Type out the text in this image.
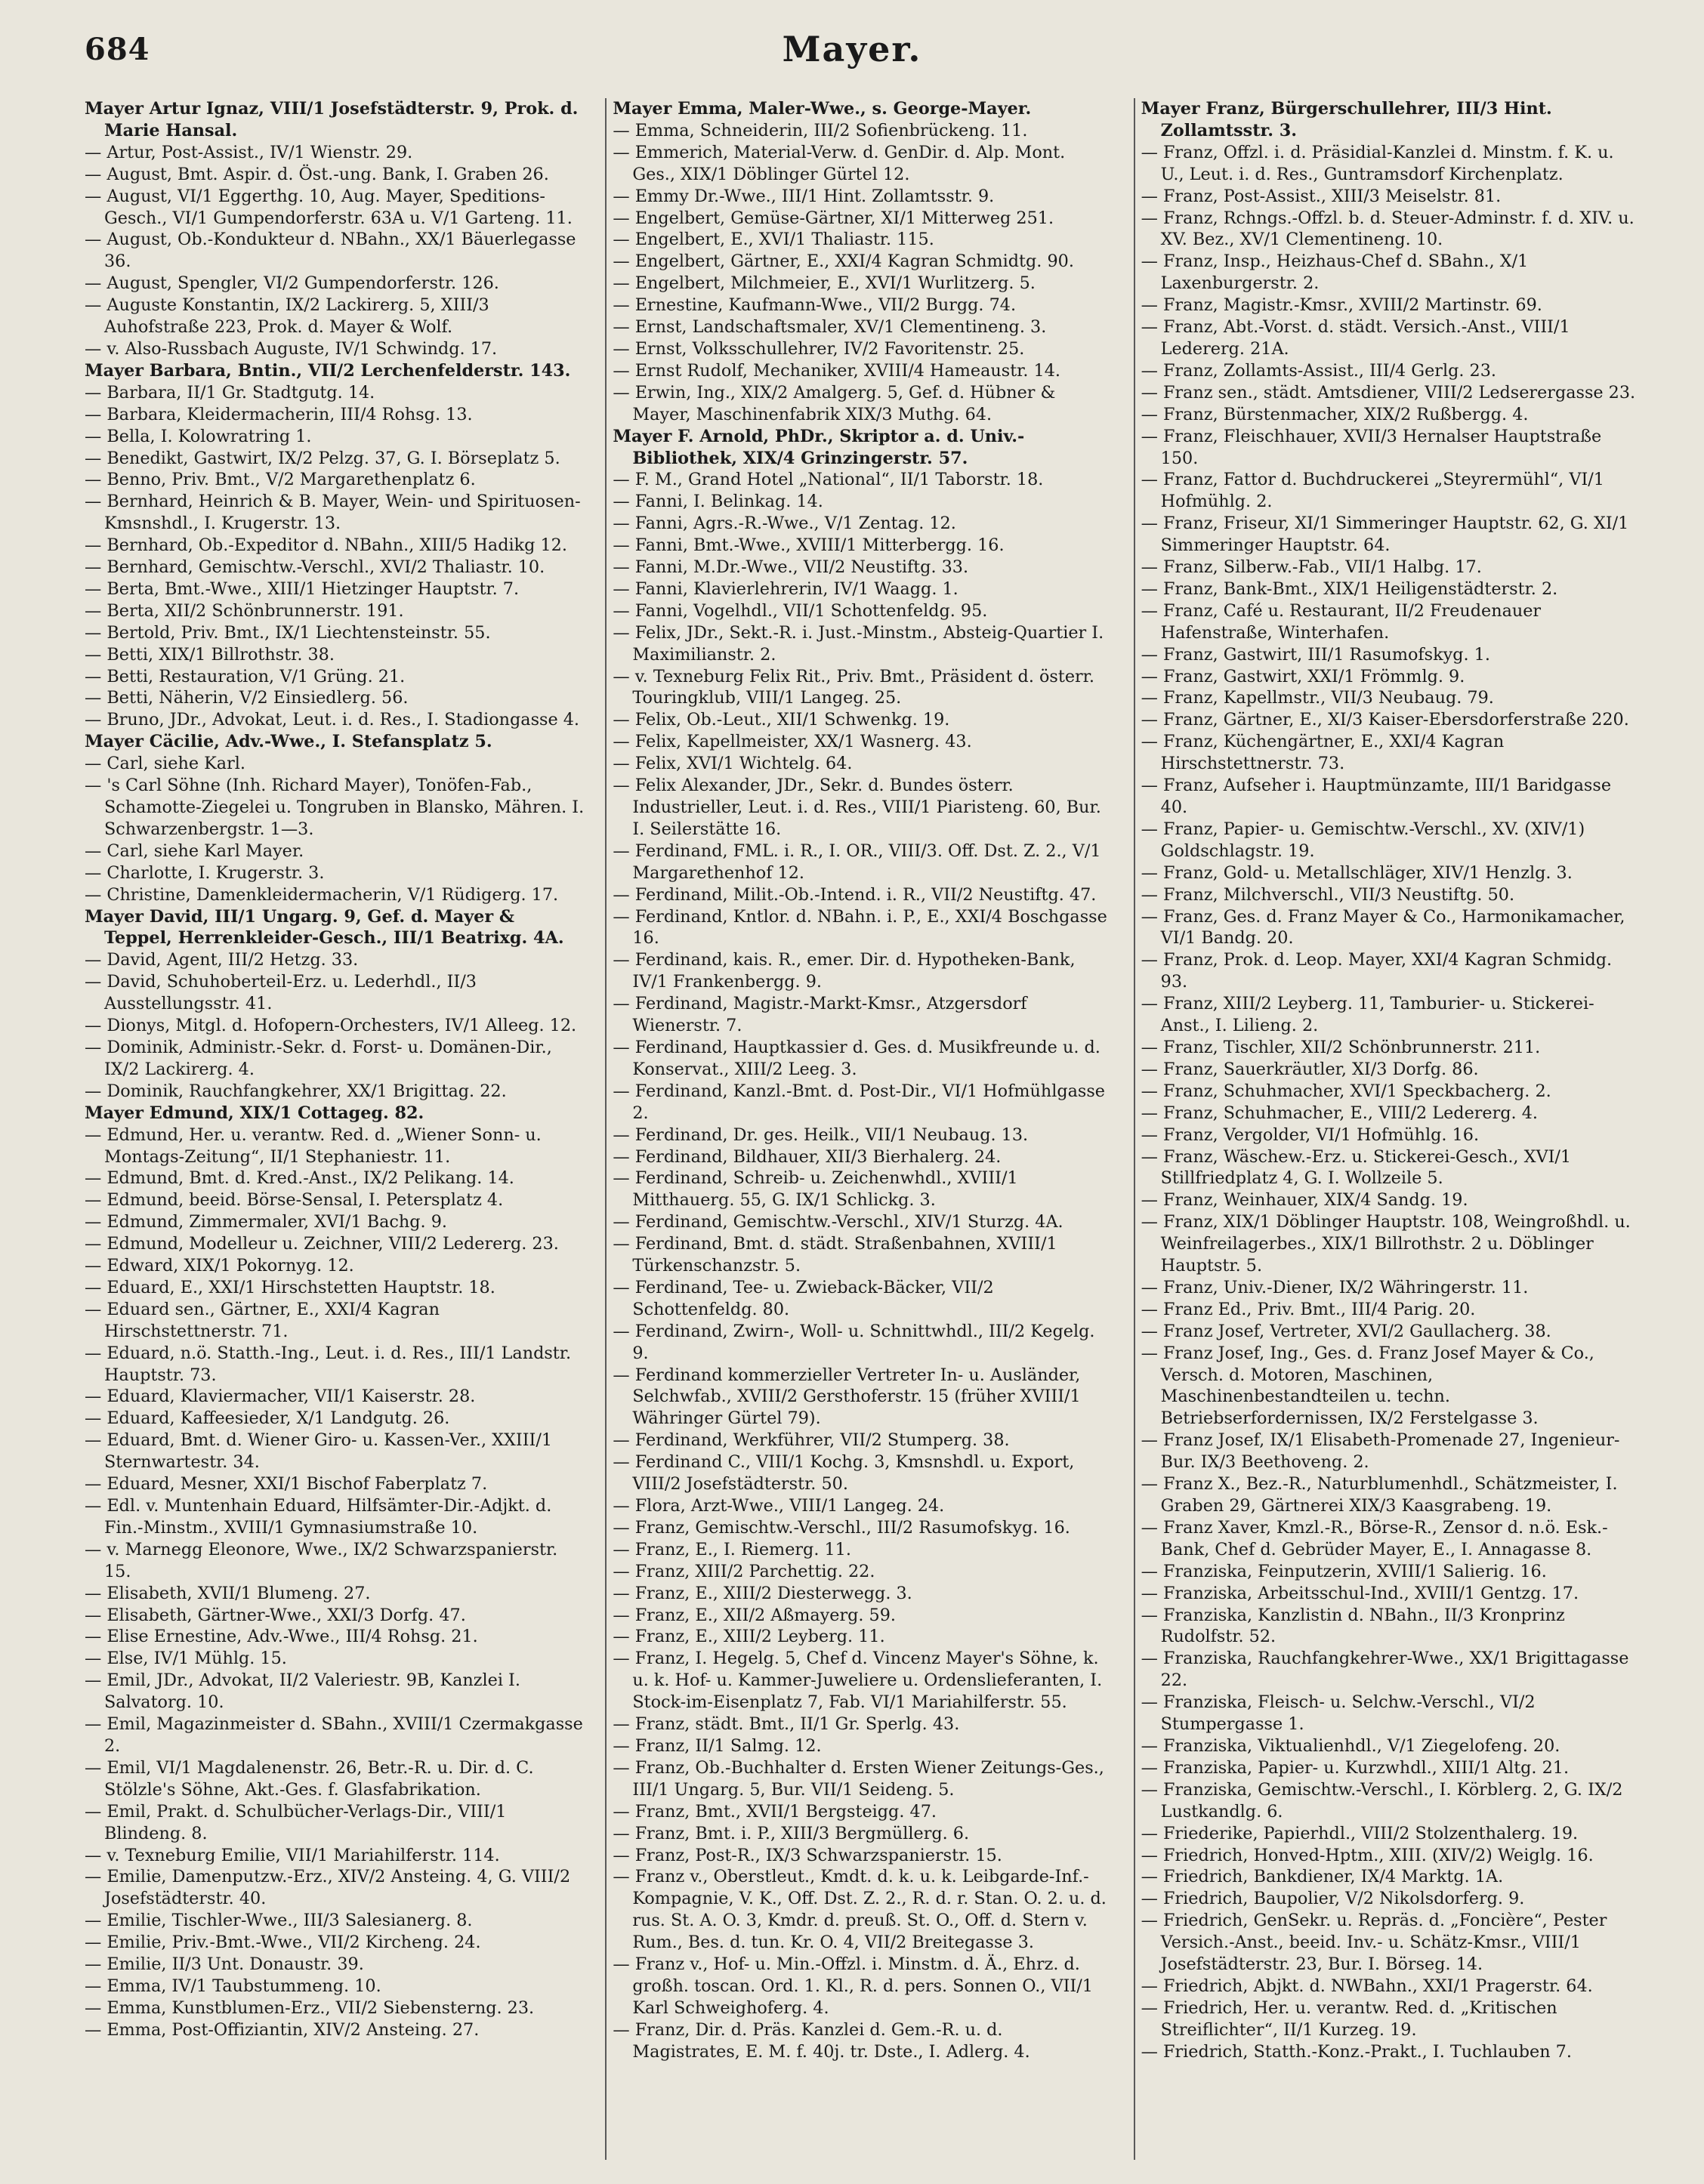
684	Mayer.

Mayer Artur Ignaz, VIII/1 Josefstädterstr. 9, Prok. d. Marie Hansal.

— Artur, Post-Assist., IV/1 Wienstr. 29.

— August, Bmt. Aspir. d. Öst.-ung. Bank, I. Graben 26.

— August, VI/1 Eggerthg. 10, Aug. Mayer, Speditions-Gesch., VI/1 Gumpendorferstr. 63A u. V/1 Garteng. 11.

— August, Ob.-Kondukteur d. NBahn., XX/1 Bäuerlegasse 36.

— August, Spengler, VI/2 Gumpendorferstr. 126.

— Auguste Konstantin, IX/2 Lackirerg. 5, XIII/3 Auhofstraße 223, Prok. d. Mayer & Wolf.

— v. Also-Russbach Auguste, IV/1 Schwindg. 17.

Mayer Barbara, Bntin., VII/2 Lerchenfelderstr. 143.

— Barbara, II/1 Gr. Stadtgutg. 14.

— Barbara, Kleidermacherin, III/4 Rohsg. 13.

— Bella, I. Kolowratring 1.

— Benedikt, Gastwirt, IX/2 Pelzg. 37, G. I. Börseplatz 5.

— Benno, Priv. Bmt., V/2 Margarethenplatz 6.

— Bernhard, Heinrich & B. Mayer, Wein- und Spirituosen-Kmsnshdl., I. Krugerstr. 13.

— Bernhard, Ob.-Expeditor d. NBahn., XIII/5 Hadikg 12.

— Bernhard, Gemischtw.-Verschl., XVI/2 Thaliastr. 10.

— Berta, Bmt.-Wwe., XIII/1 Hietzinger Hauptstr. 7.

— Berta, XII/2 Schönbrunnerstr. 191.

— Bertold, Priv. Bmt., IX/1 Liechtensteinstr. 55.

— Betti, XIX/1 Billrothstr. 38.

— Betti, Restauration, V/1 Grüng. 21.

— Betti, Näherin, V/2 Einsiedlerg. 56.

— Bruno, JDr., Advokat, Leut. i. d. Res., I. Stadiongasse 4.

Mayer Cäcilie, Adv.-Wwe., I. Stefansplatz 5.

— Carl, siehe Karl.

— 's Carl Söhne (Inh. Richard Mayer), Tonöfen-Fab., Schamotte-Ziegelei u. Tongruben in Blansko, Mähren. I. Schwarzenbergstr. 1—3.

— Carl, siehe Karl Mayer.

— Charlotte, I. Krugerstr. 3.

— Christine, Damenkleidermacherin, V/1 Rüdigerg. 17.

Mayer David, III/1 Ungarg. 9, Gef. d. Mayer & Teppel, Herrenkleider-Gesch., III/1 Beatrixg. 4A.

— David, Agent, III/2 Hetzg. 33.

— David, Schuhoberteil-Erz. u. Lederhdl., II/3 Ausstellungsstr. 41.

— Dionys, Mitgl. d. Hofopern-Orchesters, IV/1 Alleeg. 12.

— Dominik, Administr.-Sekr. d. Forst- u. Domänen-Dir., IX/2 Lackirerg. 4.

— Dominik, Rauchfangkehrer, XX/1 Brigittag. 22.

Mayer Edmund, XIX/1 Cottageg. 82.

— Edmund, Her. u. verantw. Red. d. „Wiener Sonn- u. Montags-Zeitung“, II/1 Stephaniestr. 11.

— Edmund, Bmt. d. Kred.-Anst., IX/2 Pelikang. 14.

— Edmund, beeid. Börse-Sensal, I. Petersplatz 4.

— Edmund, Zimmermaler, XVI/1 Bachg. 9.

— Edmund, Modelleur u. Zeichner, VIII/2 Ledererg. 23.

— Edward, XIX/1 Pokornyg. 12.

— Eduard, E., XXI/1 Hirschstetten Hauptstr. 18.

— Eduard sen., Gärtner, E., XXI/4 Kagran Hirschstettnerstr. 71.

— Eduard, n.ö. Statth.-Ing., Leut. i. d. Res., III/1 Landstr. Hauptstr. 73.

— Eduard, Klaviermacher, VII/1 Kaiserstr. 28.

— Eduard, Kaffeesieder, X/1 Landgutg. 26.

— Eduard, Bmt. d. Wiener Giro- u. Kassen-Ver., XXIII/1 Sternwartestr. 34.

— Eduard, Mesner, XXI/1 Bischof Faberplatz 7.

— Edl. v. Muntenhain Eduard, Hilfsämter-Dir.-Adjkt. d. Fin.-Minstm., XVIII/1 Gymnasiumstraße 10.

— v. Marnegg Eleonore, Wwe., IX/2 Schwarzspanierstr. 15.

— Elisabeth, XVII/1 Blumeng. 27.

— Elisabeth, Gärtner-Wwe., XXI/3 Dorfg. 47.

— Elise Ernestine, Adv.-Wwe., III/4 Rohsg. 21.

— Else, IV/1 Mühlg. 15.

— Emil, JDr., Advokat, II/2 Valeriestr. 9B, Kanzlei I. Salvatorg. 10.

— Emil, Magazinmeister d. SBahn., XVIII/1 Czermakgasse 2.

— Emil, VI/1 Magdalenenstr. 26, Betr.-R. u. Dir. d. C. Stölzle's Söhne, Akt.-Ges. f. Glasfabrikation.

— Emil, Prakt. d. Schulbücher-Verlags-Dir., VIII/1 Blindeng. 8.

— v. Texneburg Emilie, VII/1 Mariahilferstr. 114.

— Emilie, Damenputzw.-Erz., XIV/2 Ansteing. 4, G. VIII/2 Josefstädterstr. 40.

— Emilie, Tischler-Wwe., III/3 Salesianerg. 8.

— Emilie, Priv.-Bmt.-Wwe., VII/2 Kircheng. 24.

— Emilie, II/3 Unt. Donaustr. 39.

— Emma, IV/1 Taubstummeng. 10.

— Emma, Kunstblumen-Erz., VII/2 Siebensterng. 23.

— Emma, Post-Offiziantin, XIV/2 Ansteing. 27.

Mayer Emma, Maler-Wwe., s. George-Mayer.

— Emma, Schneiderin, III/2 Sofienbrückeng. 11.

— Emmerich, Material-Verw. d. GenDir. d. Alp. Mont. Ges., XIX/1 Döblinger Gürtel 12.

— Emmy Dr.-Wwe., III/1 Hint. Zollamtsstr. 9.

— Engelbert, Gemüse-Gärtner, XI/1 Mitterweg 251.

— Engelbert, E., XVI/1 Thaliastr. 115.

— Engelbert, Gärtner, E., XXI/4 Kagran Schmidtg. 90.

— Engelbert, Milchmeier, E., XVI/1 Wurlitzerg. 5.

— Ernestine, Kaufmann-Wwe., VII/2 Burgg. 74.

— Ernst, Landschaftsmaler, XV/1 Clementineng. 3.

— Ernst, Volksschullehrer, IV/2 Favoritenstr. 25.

— Ernst Rudolf, Mechaniker, XVIII/4 Hameaustr. 14.

— Erwin, Ing., XIX/2 Amalgerg. 5, Gef. d. Hübner & Mayer, Maschinenfabrik XIX/3 Muthg. 64.

Mayer F. Arnold, PhDr., Skriptor a. d. Univ.-Bibliothek, XIX/4 Grinzingerstr. 57.

— F. M., Grand Hotel „National“, II/1 Taborstr. 18.

— Fanni, I. Belinkag. 14.

— Fanni, Agrs.-R.-Wwe., V/1 Zentag. 12.

— Fanni, Bmt.-Wwe., XVIII/1 Mitterbergg. 16.

— Fanni, M.Dr.-Wwe., VII/2 Neustiftg. 33.

— Fanni, Klavierlehrerin, IV/1 Waagg. 1.

— Fanni, Vogelhdl., VII/1 Schottenfeldg. 95.

— Felix, JDr., Sekt.-R. i. Just.-Minstm., Absteig-Quartier I. Maximilianstr. 2.

— v. Texneburg Felix Rit., Priv. Bmt., Präsident d. österr. Touringklub, VIII/1 Langeg. 25.

— Felix, Ob.-Leut., XII/1 Schwenkg. 19.

— Felix, Kapellmeister, XX/1 Wasnerg. 43.

— Felix, XVI/1 Wichtelg. 64.

— Felix Alexander, JDr., Sekr. d. Bundes österr. Industrieller, Leut. i. d. Res., VIII/1 Piaristeng. 60, Bur. I. Seilerstätte 16.

— Ferdinand, FML. i. R., I. OR., VIII/3. Off. Dst. Z. 2., V/1 Margarethenhof 12.

— Ferdinand, Milit.-Ob.-Intend. i. R., VII/2 Neustiftg. 47.

— Ferdinand, Kntlor. d. NBahn. i. P., E., XXI/4 Boschgasse 16.

— Ferdinand, kais. R., emer. Dir. d. Hypotheken-Bank, IV/1 Frankenbergg. 9.

— Ferdinand, Magistr.-Markt-Kmsr., Atzgersdorf Wienerstr. 7.

— Ferdinand, Hauptkassier d. Ges. d. Musikfreunde u. d. Konservat., XIII/2 Leeg. 3.

— Ferdinand, Kanzl.-Bmt. d. Post-Dir., VI/1 Hofmühlgasse 2.

— Ferdinand, Dr. ges. Heilk., VII/1 Neubaug. 13.

— Ferdinand, Bildhauer, XII/3 Bierhalerg. 24.

— Ferdinand, Schreib- u. Zeichenwhdl., XVIII/1 Mitthauerg. 55, G. IX/1 Schlickg. 3.

— Ferdinand, Gemischtw.-Verschl., XIV/1 Sturzg. 4A.

— Ferdinand, Bmt. d. städt. Straßenbahnen, XVIII/1 Türkenschanzstr. 5.

— Ferdinand, Tee- u. Zwieback-Bäcker, VII/2 Schottenfeldg. 80.

— Ferdinand, Zwirn-, Woll- u. Schnittwhdl., III/2 Kegelg. 9.

— Ferdinand kommerzieller Vertreter In- u. Ausländer, Selchwfab., XVIII/2 Gersthoferstr. 15 (früher XVIII/1 Währinger Gürtel 79).

— Ferdinand, Werkführer, VII/2 Stumperg. 38.

— Ferdinand C., VIII/1 Kochg. 3, Kmsnshdl. u. Export, VIII/2 Josefstädterstr. 50.

— Flora, Arzt-Wwe., VIII/1 Langeg. 24.

— Franz, Gemischtw.-Verschl., III/2 Rasumofskyg. 16.

— Franz, E., I. Riemerg. 11.

— Franz, XIII/2 Parchettig. 22.

— Franz, E., XIII/2 Diesterwegg. 3.

— Franz, E., XII/2 Aßmayerg. 59.

— Franz, E., XIII/2 Leyberg. 11.

— Franz, I. Hegelg. 5, Chef d. Vincenz Mayer's Söhne, k. u. k. Hof- u. Kammer-Juweliere u. Ordenslieferanten, I. Stock-im-Eisenplatz 7, Fab. VI/1 Mariahilferstr. 55.

— Franz, städt. Bmt., II/1 Gr. Sperlg. 43.

— Franz, II/1 Salmg. 12.

— Franz, Ob.-Buchhalter d. Ersten Wiener Zeitungs-Ges., III/1 Ungarg. 5, Bur. VII/1 Seideng. 5.

— Franz, Bmt., XVII/1 Bergsteigg. 47.

— Franz, Bmt. i. P., XIII/3 Bergmüllerg. 6.

— Franz, Post-R., IX/3 Schwarzspanierstr. 15.

— Franz v., Oberstleut., Kmdt. d. k. u. k. Leibgarde-Inf.-Kompagnie, V. K., Off. Dst. Z. 2., R. d. r. Stan. O. 2. u. d. rus. St. A. O. 3, Kmdr. d. preuß. St. O., Off. d. Stern v. Rum., Bes. d. tun. Kr. O. 4, VII/2 Breitegasse 3.

— Franz v., Hof- u. Min.-Offzl. i. Minstm. d. Ä., Ehrz. d. großh. toscan. Ord. 1. Kl., R. d. pers. Sonnen O., VII/1 Karl Schweighoferg. 4.

— Franz, Dir. d. Präs. Kanzlei d. Gem.-R. u. d. Magistrates, E. M. f. 40j. tr. Dste., I. Adlerg. 4.

Mayer Franz, Bürgerschullehrer, III/3 Hint. Zollamtsstr. 3.

— Franz, Offzl. i. d. Präsidial-Kanzlei d. Minstm. f. K. u. U., Leut. i. d. Res., Guntramsdorf Kirchenplatz.

— Franz, Post-Assist., XIII/3 Meiselstr. 81.

— Franz, Rchngs.-Offzl. b. d. Steuer-Adminstr. f. d. XIV. u. XV. Bez., XV/1 Clementineng. 10.

— Franz, Insp., Heizhaus-Chef d. SBahn., X/1 Laxenburgerstr. 2.

— Franz, Magistr.-Kmsr., XVIII/2 Martinstr. 69.

— Franz, Abt.-Vorst. d. städt. Versich.-Anst., VIII/1 Ledererg. 21A.

— Franz, Zollamts-Assist., III/4 Gerlg. 23.

— Franz sen., städt. Amtsdiener, VIII/2 Ledserergasse 23.

— Franz, Bürstenmacher, XIX/2 Rußbergg. 4.

— Franz, Fleischhauer, XVII/3 Hernalser Hauptstraße 150.

— Franz, Fattor d. Buchdruckerei „Steyrermühl“, VI/1 Hofmühlg. 2.

— Franz, Friseur, XI/1 Simmeringer Hauptstr. 62, G. XI/1 Simmeringer Hauptstr. 64.

— Franz, Silberw.-Fab., VII/1 Halbg. 17.

— Franz, Bank-Bmt., XIX/1 Heiligenstädterstr. 2.

— Franz, Café u. Restaurant, II/2 Freudenauer Hafenstraße, Winterhafen.

— Franz, Gastwirt, III/1 Rasumofskyg. 1.

— Franz, Gastwirt, XXI/1 Frömmlg. 9.

— Franz, Kapellmstr., VII/3 Neubaug. 79.

— Franz, Gärtner, E., XI/3 Kaiser-Ebersdorferstraße 220.

— Franz, Küchengärtner, E., XXI/4 Kagran Hirschstettnerstr. 73.

— Franz, Aufseher i. Hauptmünzamte, III/1 Baridgasse 40.

— Franz, Papier- u. Gemischtw.-Verschl., XV. (XIV/1) Goldschlagstr. 19.

— Franz, Gold- u. Metallschläger, XIV/1 Henzlg. 3.

— Franz, Milchverschl., VII/3 Neustiftg. 50.

— Franz, Ges. d. Franz Mayer & Co., Harmonikamacher, VI/1 Bandg. 20.

— Franz, Prok. d. Leop. Mayer, XXI/4 Kagran Schmidg. 93.

— Franz, XIII/2 Leyberg. 11, Tamburier- u. Stickerei-Anst., I. Lilieng. 2.

— Franz, Tischler, XII/2 Schönbrunnerstr. 211.

— Franz, Sauerkräutler, XI/3 Dorfg. 86.

— Franz, Schuhmacher, XVI/1 Speckbacherg. 2.

— Franz, Schuhmacher, E., VIII/2 Ledererg. 4.

— Franz, Vergolder, VI/1 Hofmühlg. 16.

— Franz, Wäschew.-Erz. u. Stickerei-Gesch., XVI/1 Stillfriedplatz 4, G. I. Wollzeile 5.

— Franz, Weinhauer, XIX/4 Sandg. 19.

— Franz, XIX/1 Döblinger Hauptstr. 108, Weingroßhdl. u. Weinfreilagerbes., XIX/1 Billrothstr. 2 u. Döblinger Hauptstr. 5.

— Franz, Univ.-Diener, IX/2 Währingerstr. 11.

— Franz Ed., Priv. Bmt., III/4 Parig. 20.

— Franz Josef, Vertreter, XVI/2 Gaullacherg. 38.

— Franz Josef, Ing., Ges. d. Franz Josef Mayer & Co., Versch. d. Motoren, Maschinen, Maschinenbestandteilen u. techn. Betriebserfordernissen, IX/2 Ferstelgasse 3.

— Franz Josef, IX/1 Elisabeth-Promenade 27, Ingenieur-Bur. IX/3 Beethoveng. 2.

— Franz X., Bez.-R., Naturblumenhdl., Schätzmeister, I. Graben 29, Gärtnerei XIX/3 Kaasgrabeng. 19.

— Franz Xaver, Kmzl.-R., Börse-R., Zensor d. n.ö. Esk.-Bank, Chef d. Gebrüder Mayer, E., I. Annagasse 8.

— Franziska, Feinputzerin, XVIII/1 Salierig. 16.

— Franziska, Arbeitsschul-Ind., XVIII/1 Gentzg. 17.

— Franziska, Kanzlistin d. NBahn., II/3 Kronprinz Rudolfstr. 52.

— Franziska, Rauchfangkehrer-Wwe., XX/1 Brigittagasse 22.

— Franziska, Fleisch- u. Selchw.-Verschl., VI/2 Stumpergasse 1.

— Franziska, Viktualienhdl., V/1 Ziegelofeng. 20.

— Franziska, Papier- u. Kurzwhdl., XIII/1 Altg. 21.

— Franziska, Gemischtw.-Verschl., I. Körblerg. 2, G. IX/2 Lustkandlg. 6.

— Friederike, Papierhdl., VIII/2 Stolzenthalerg. 19.

— Friedrich, Honved-Hptm., XIII. (XIV/2) Weiglg. 16.

— Friedrich, Bankdiener, IX/4 Marktg. 1A.

— Friedrich, Baupolier, V/2 Nikolsdorferg. 9.

— Friedrich, GenSekr. u. Repräs. d. „Foncière“, Pester Versich.-Anst., beeid. Inv.- u. Schätz-Kmsr., VIII/1 Josefstädterstr. 23, Bur. I. Börseg. 14.

— Friedrich, Abjkt. d. NWBahn., XXI/1 Pragerstr. 64.

— Friedrich, Her. u. verantw. Red. d. „Kritischen Streiflichter“, II/1 Kurzeg. 19.

— Friedrich, Statth.-Konz.-Prakt., I. Tuchlauben 7.
